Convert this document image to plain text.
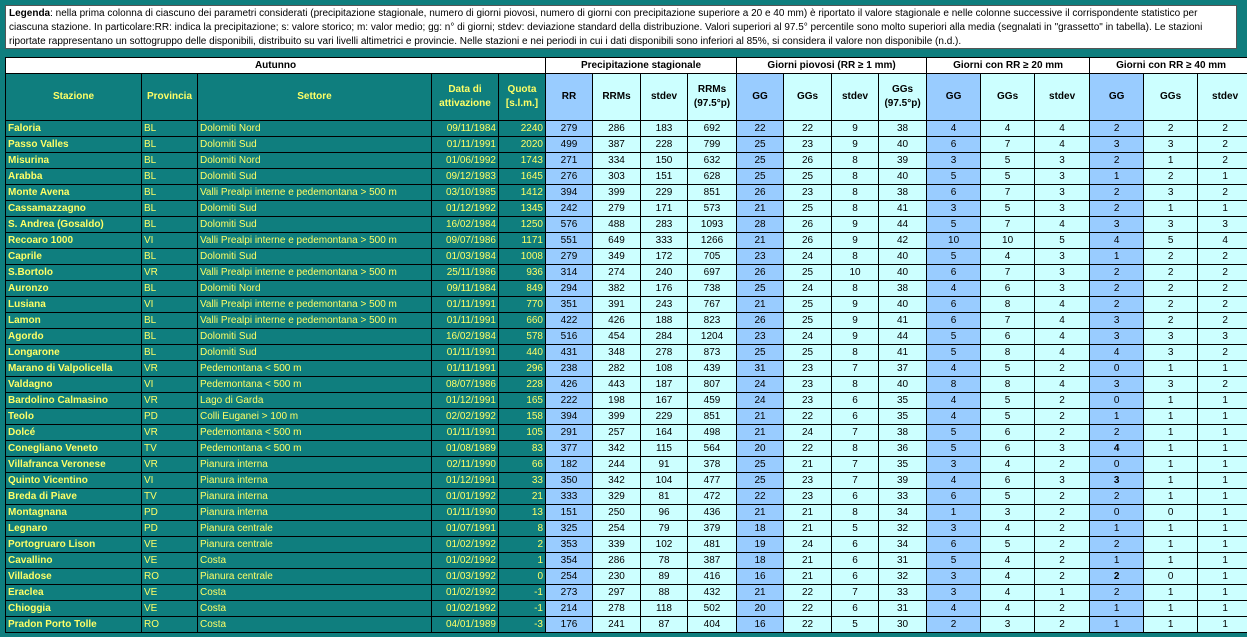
Legenda: nella prima colonna di ciascuno dei parametri considerati (precipitazione stagionale, numero di giorni piovosi, numero di giorni con precipitazione superiore a 20 e 40 mm) è riportato il valore stagionale e nelle colonne successive il corrispondente statistico per ciascuna stazione. In particolare:RR: indica la precipitazione; s: valore storico; m: valor medio; gg: n° di giorni; stdev: deviazione standard della distribuzione. Valori superiori al 97.5° percentile sono molto superiori alla media (segnalati in "grassetto" in tabella). Le stazioni riportate rappresentano un sottogruppo delle disponibili, distribuito su vari livelli altimetrici e provincie. Nelle stazioni e nei periodi in cui i dati disponibili sono inferiori al 85%, si considera il valore non disponibile (n.d.).
Autunno					Precipitazione stagionale				Giorni piovosi (RR ≥ 1 mm)				Giorni con RR ≥ 20 mm			Giorni con RR ≥ 40 mm		
Stazione	Provincia	Settore	Data di attivazione	Quota [s.l.m.]	RR	RRMs	stdev	RRMs (97.5°p)	GG	GGs	stdev	GGs (97.5°p)	GG	GGs	stdev	GG	GGs	stdev
Faloria	BL	Dolomiti Nord	09/11/1984	2240	279	286	183	692	22	22	9	38	4	4	4	2	2	2
Passo Valles	BL	Dolomiti Sud	01/11/1991	2020	499	387	228	799	25	23	9	40	6	7	4	3	3	2
Misurina	BL	Dolomiti Nord	01/06/1992	1743	271	334	150	632	25	26	8	39	3	5	3	2	1	2
Arabba	BL	Dolomiti Sud	09/12/1983	1645	276	303	151	628	25	25	8	40	5	5	3	1	2	1
Monte Avena	BL	Valli Prealpi interne e pedemontana > 500 m	03/10/1985	1412	394	399	229	851	26	23	8	38	6	7	3	2	3	2
Cassamazzagno	BL	Dolomiti Sud	01/12/1992	1345	242	279	171	573	21	25	8	41	3	5	3	2	1	1
S. Andrea (Gosaldo)	BL	Dolomiti Sud	16/02/1984	1250	576	488	283	1093	28	26	9	44	5	7	4	3	3	3
Recoaro 1000	VI	Valli Prealpi interne e pedemontana > 500 m	09/07/1986	1171	551	649	333	1266	21	26	9	42	10	10	5	4	5	4
Caprile	BL	Dolomiti Sud	01/03/1984	1008	279	349	172	705	23	24	8	40	5	4	3	1	2	2
S.Bortolo	VR	Valli Prealpi interne e pedemontana > 500 m	25/11/1986	936	314	274	240	697	26	25	10	40	6	7	3	2	2	2
Auronzo	BL	Dolomiti Nord	09/11/1984	849	294	382	176	738	25	24	8	38	4	6	3	2	2	2
Lusiana	VI	Valli Prealpi interne e pedemontana > 500 m	01/11/1991	770	351	391	243	767	21	25	9	40	6	8	4	2	2	2
Lamon	BL	Valli Prealpi interne e pedemontana > 500 m	01/11/1991	660	422	426	188	823	26	25	9	41	6	7	4	3	2	2
Agordo	BL	Dolomiti Sud	16/02/1984	578	516	454	284	1204	23	24	9	44	5	6	4	3	3	3
Longarone	BL	Dolomiti Sud	01/11/1991	440	431	348	278	873	25	25	8	41	5	8	4	4	3	2
Marano di Valpolicella	VR	Pedemontana < 500 m	01/11/1991	296	238	282	108	439	31	23	7	37	4	5	2	0	1	1
Valdagno	VI	Pedemontana < 500 m	08/07/1986	228	426	443	187	807	24	23	8	40	8	8	4	3	3	2
Bardolino Calmasino	VR	Lago di Garda	01/12/1991	165	222	198	167	459	24	23	6	35	4	5	2	0	1	1
Teolo	PD	Colli Euganei > 100 m	02/02/1992	158	394	399	229	851	21	22	6	35	4	5	2	1	1	1
Dolcé	VR	Pedemontana < 500 m	01/11/1991	105	291	257	164	498	21	24	7	38	5	6	2	2	1	1
Conegliano Veneto	TV	Pedemontana < 500 m	01/08/1989	83	377	342	115	564	20	22	8	36	5	6	3	4	1	1
Villafranca Veronese	VR	Pianura interna	02/11/1990	66	182	244	91	378	25	21	7	35	3	4	2	0	1	1
Quinto Vicentino	VI	Pianura interna	01/12/1991	33	350	342	104	477	25	23	7	39	4	6	3	3	1	1
Breda di Piave	TV	Pianura interna	01/01/1992	21	333	329	81	472	22	23	6	33	6	5	2	2	1	1
Montagnana	PD	Pianura interna	01/11/1990	13	151	250	96	436	21	21	8	34	1	3	2	0	0	1
Legnaro	PD	Pianura centrale	01/07/1991	8	325	254	79	379	18	21	5	32	3	4	2	1	1	1
Portogruaro Lison	VE	Pianura centrale	01/02/1992	2	353	339	102	481	19	24	6	34	6	5	2	2	1	1
Cavallino	VE	Costa	01/02/1992	1	354	286	78	387	18	21	6	31	5	4	2	1	1	1
Villadose	RO	Pianura centrale	01/03/1992	0	254	230	89	416	16	21	6	32	3	4	2	2	0	1
Eraclea	VE	Costa	01/02/1992	-1	273	297	88	432	21	22	7	33	3	4	1	2	1	1
Chioggia	VE	Costa	01/02/1992	-1	214	278	118	502	20	22	6	31	4	4	2	1	1	1
Pradon Porto Tolle	RO	Costa	04/01/1989	-3	176	241	87	404	16	22	5	30	2	3	2	1	1	1
